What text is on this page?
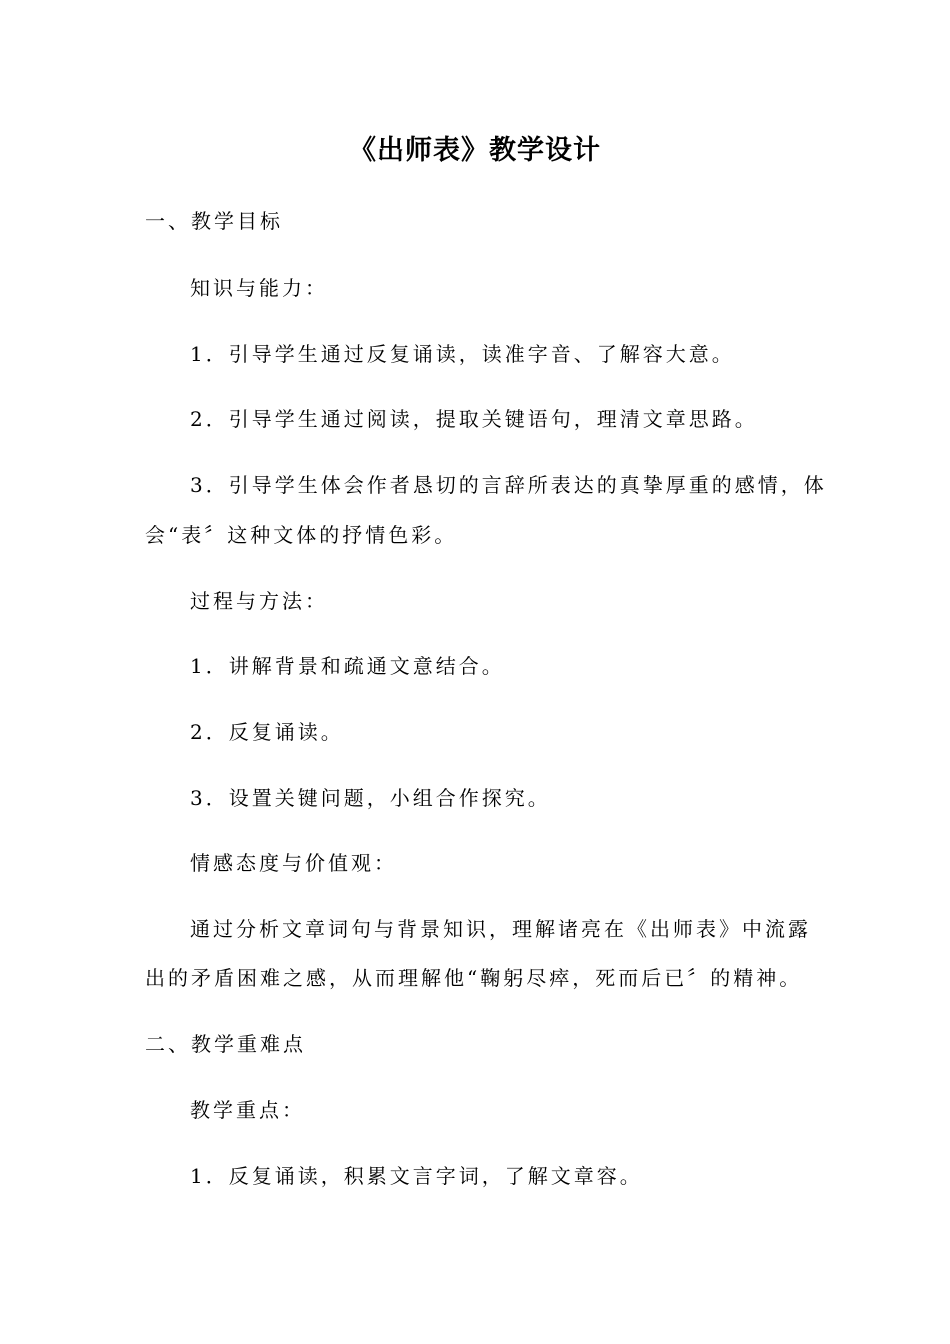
《出师表》教学设计
一、教学目标
知识与能力：
1．引导学生通过反复诵读，读准字音、了解容大意。
2．引导学生通过阅读，提取关键语句，理清文章思路。
3．引导学生体会作者恳切的言辞所表达的真挚厚重的感情，体
会“表〞这种文体的抒情色彩。
过程与方法：
1．讲解背景和疏通文意结合。
2．反复诵读。
3．设置关键问题，小组合作探究。
情感态度与价值观：
通过分析文章词句与背景知识，理解诸亮在《出师表》中流露
出的矛盾困难之感，从而理解他“鞠躬尽瘁，死而后已〞的精神。
二、教学重难点
教学重点：
1．反复诵读，积累文言字词，了解文章容。
